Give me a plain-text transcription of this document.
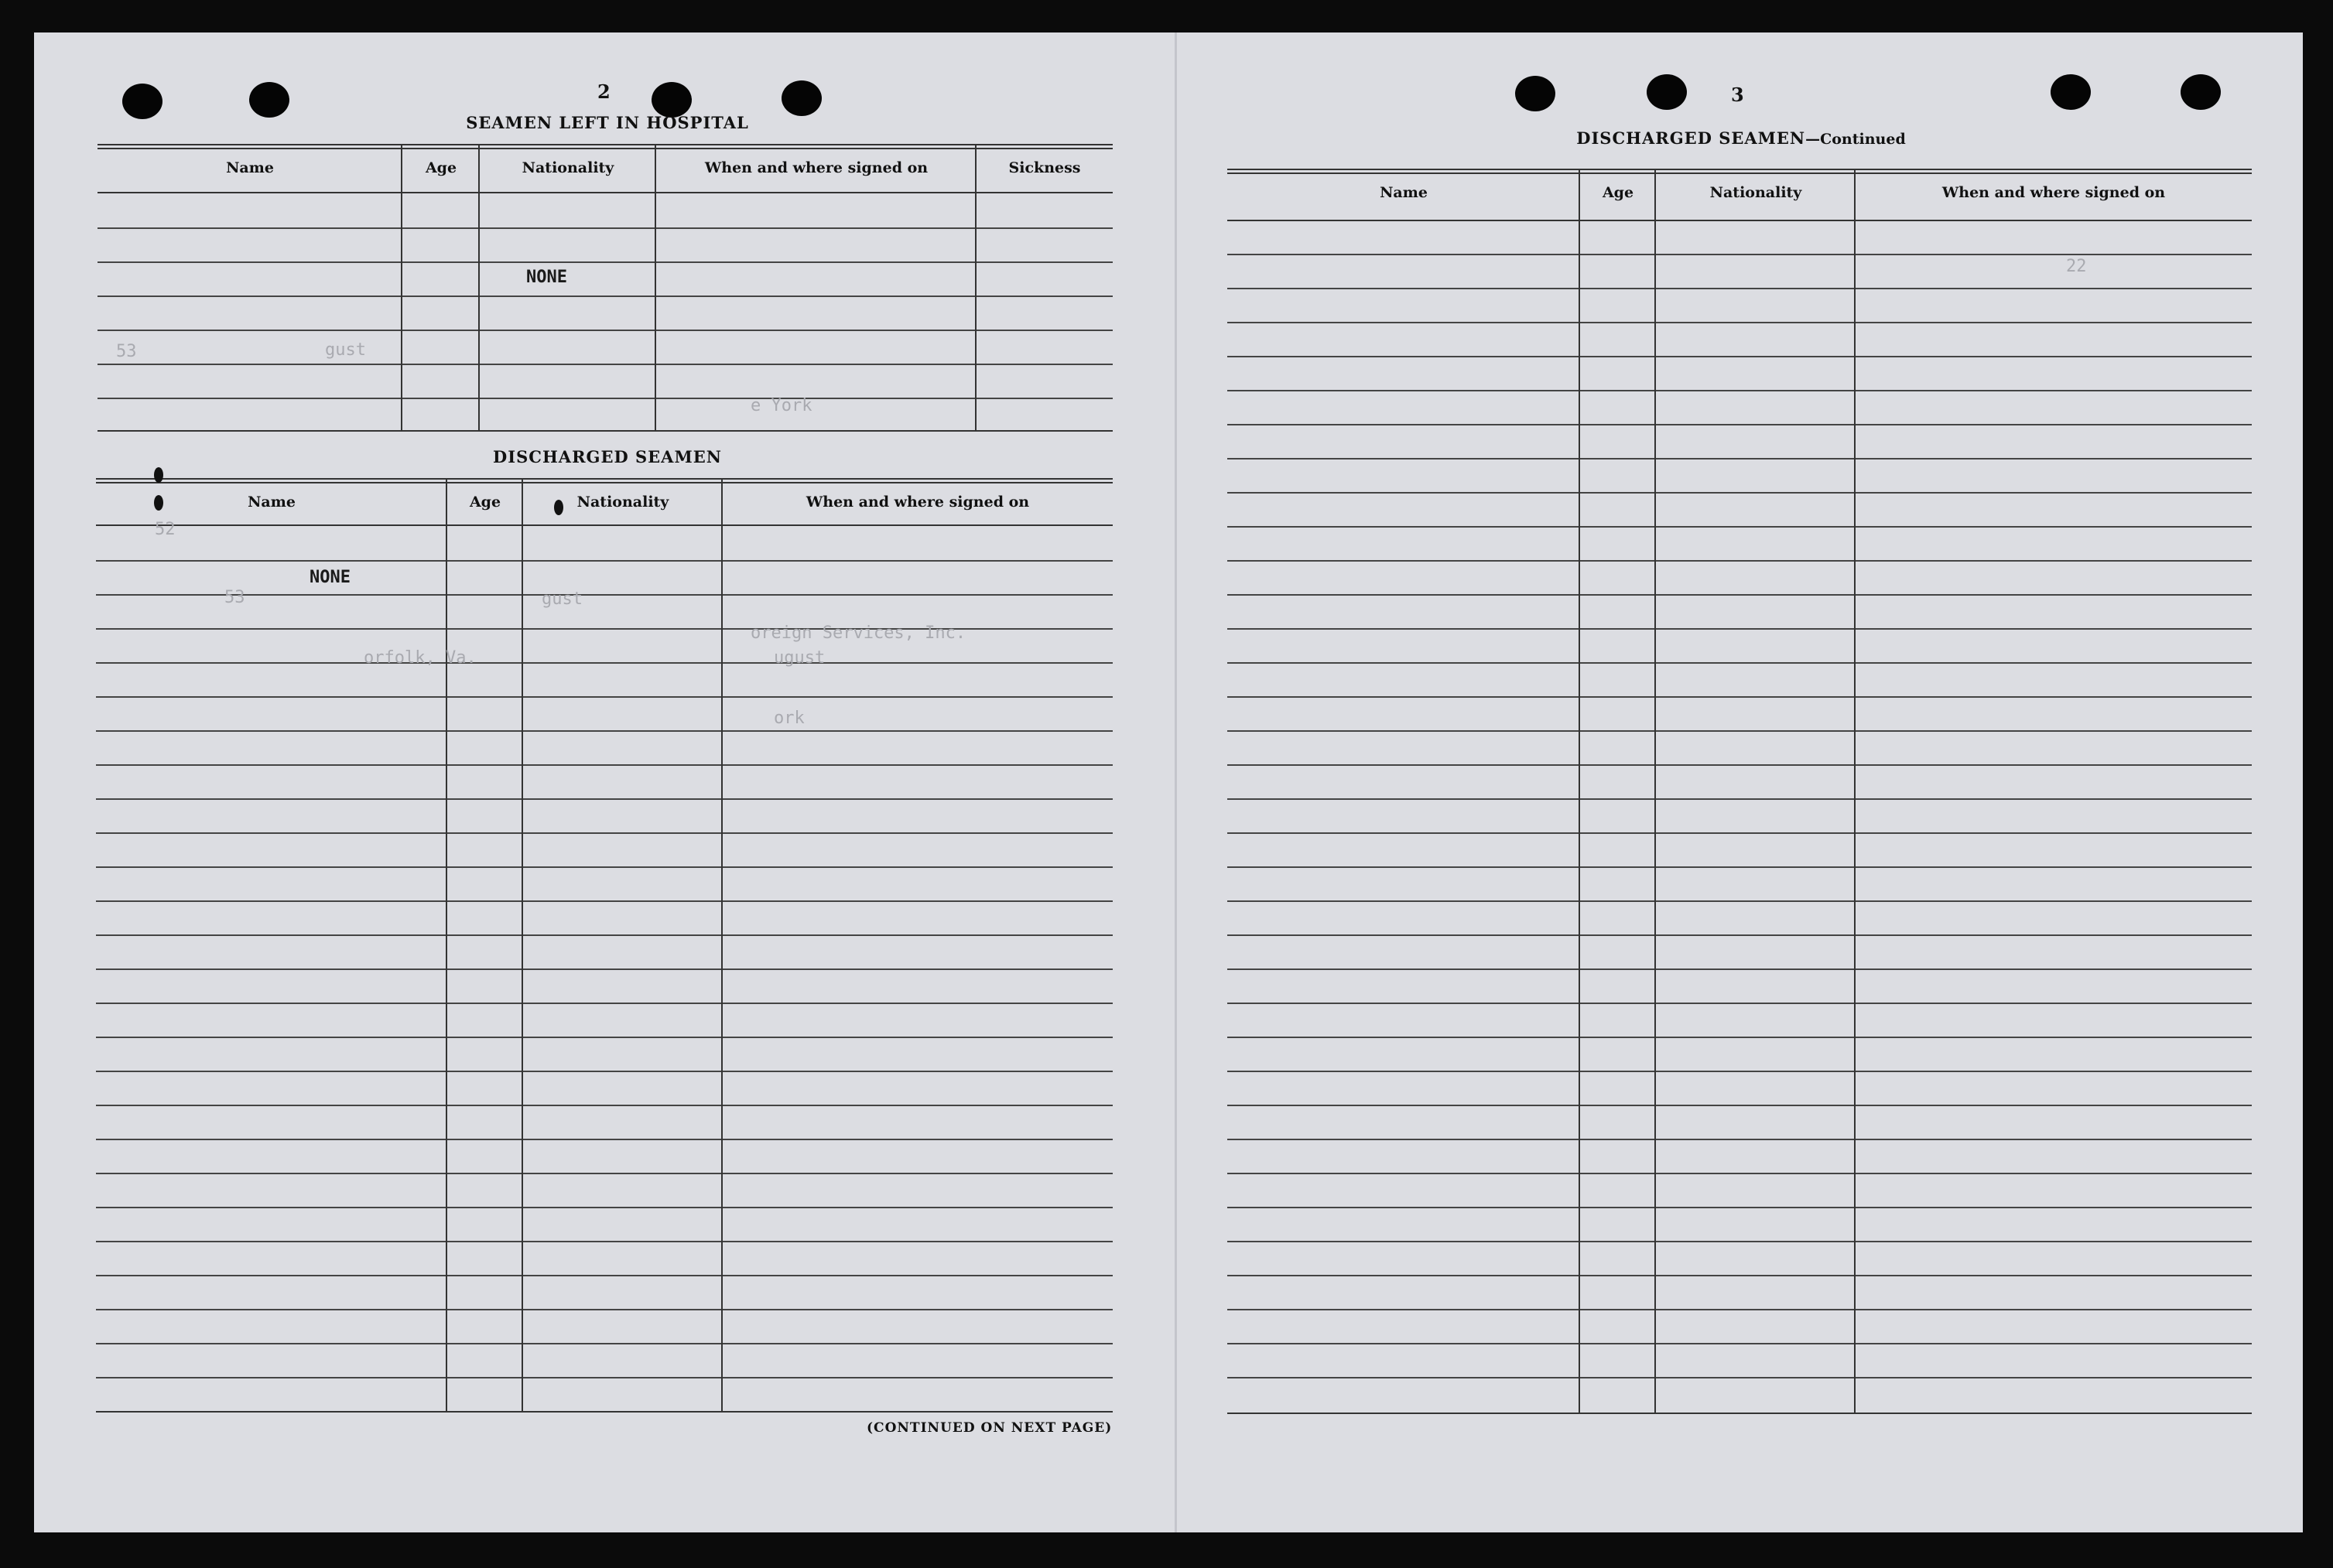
2
SEAMEN LEFT IN HOSPITAL
Name	Age	Nationality	When and where signed on	Sickness
NONE
53	gust
e York
DISCHARGED SEAMEN
Name	Age	Nationality	When and where signed on
NONE
52
53	gust
orfolk, Va.
oreign Services, Inc.
ugust
ork
(CONTINUED ON NEXT PAGE)
3
DISCHARGED SEAMEN—Continued
Name	Age	Nationality	When and where signed on
22
